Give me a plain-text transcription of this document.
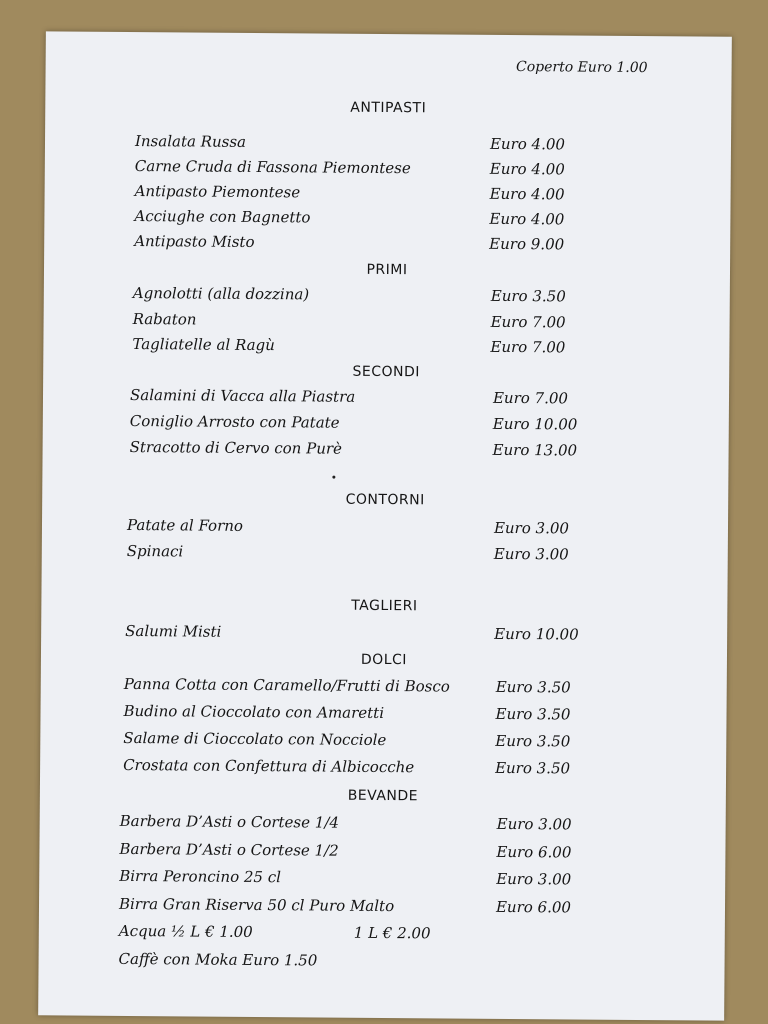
Coperto Euro 1.00
ANTIPASTI
Insalata Russa	Euro 4.00
Carne Cruda di Fassona Piemontese	Euro 4.00
Antipasto Piemontese	Euro 4.00
Acciughe con Bagnetto	Euro 4.00
Antipasto Misto	Euro 9.00
PRIMI
Agnolotti (alla dozzina)	Euro 3.50
Rabaton	Euro 7.00
Tagliatelle al Ragù	Euro 7.00
SECONDI
Salamini di Vacca alla Piastra	Euro 7.00
Coniglio Arrosto con Patate	Euro 10.00
Stracotto di Cervo con Purè	Euro 13.00
CONTORNI
Patate al Forno	Euro 3.00
Spinaci	Euro 3.00
TAGLIERI
Salumi Misti	Euro 10.00
DOLCI
Panna Cotta con Caramello/Frutti di Bosco	Euro 3.50
Budino al Cioccolato con Amaretti	Euro 3.50
Salame di Cioccolato con Nocciole	Euro 3.50
Crostata con Confettura di Albicocche	Euro 3.50
BEVANDE
Barbera D’Asti o Cortese 1/4	Euro 3.00
Barbera D’Asti o Cortese 1/2	Euro 6.00
Birra Peroncino 25 cl	Euro 3.00
Birra Gran Riserva 50 cl Puro Malto	Euro 6.00
Acqua ½ L € 1.00	1 L € 2.00
Caffè con Moka Euro 1.50
